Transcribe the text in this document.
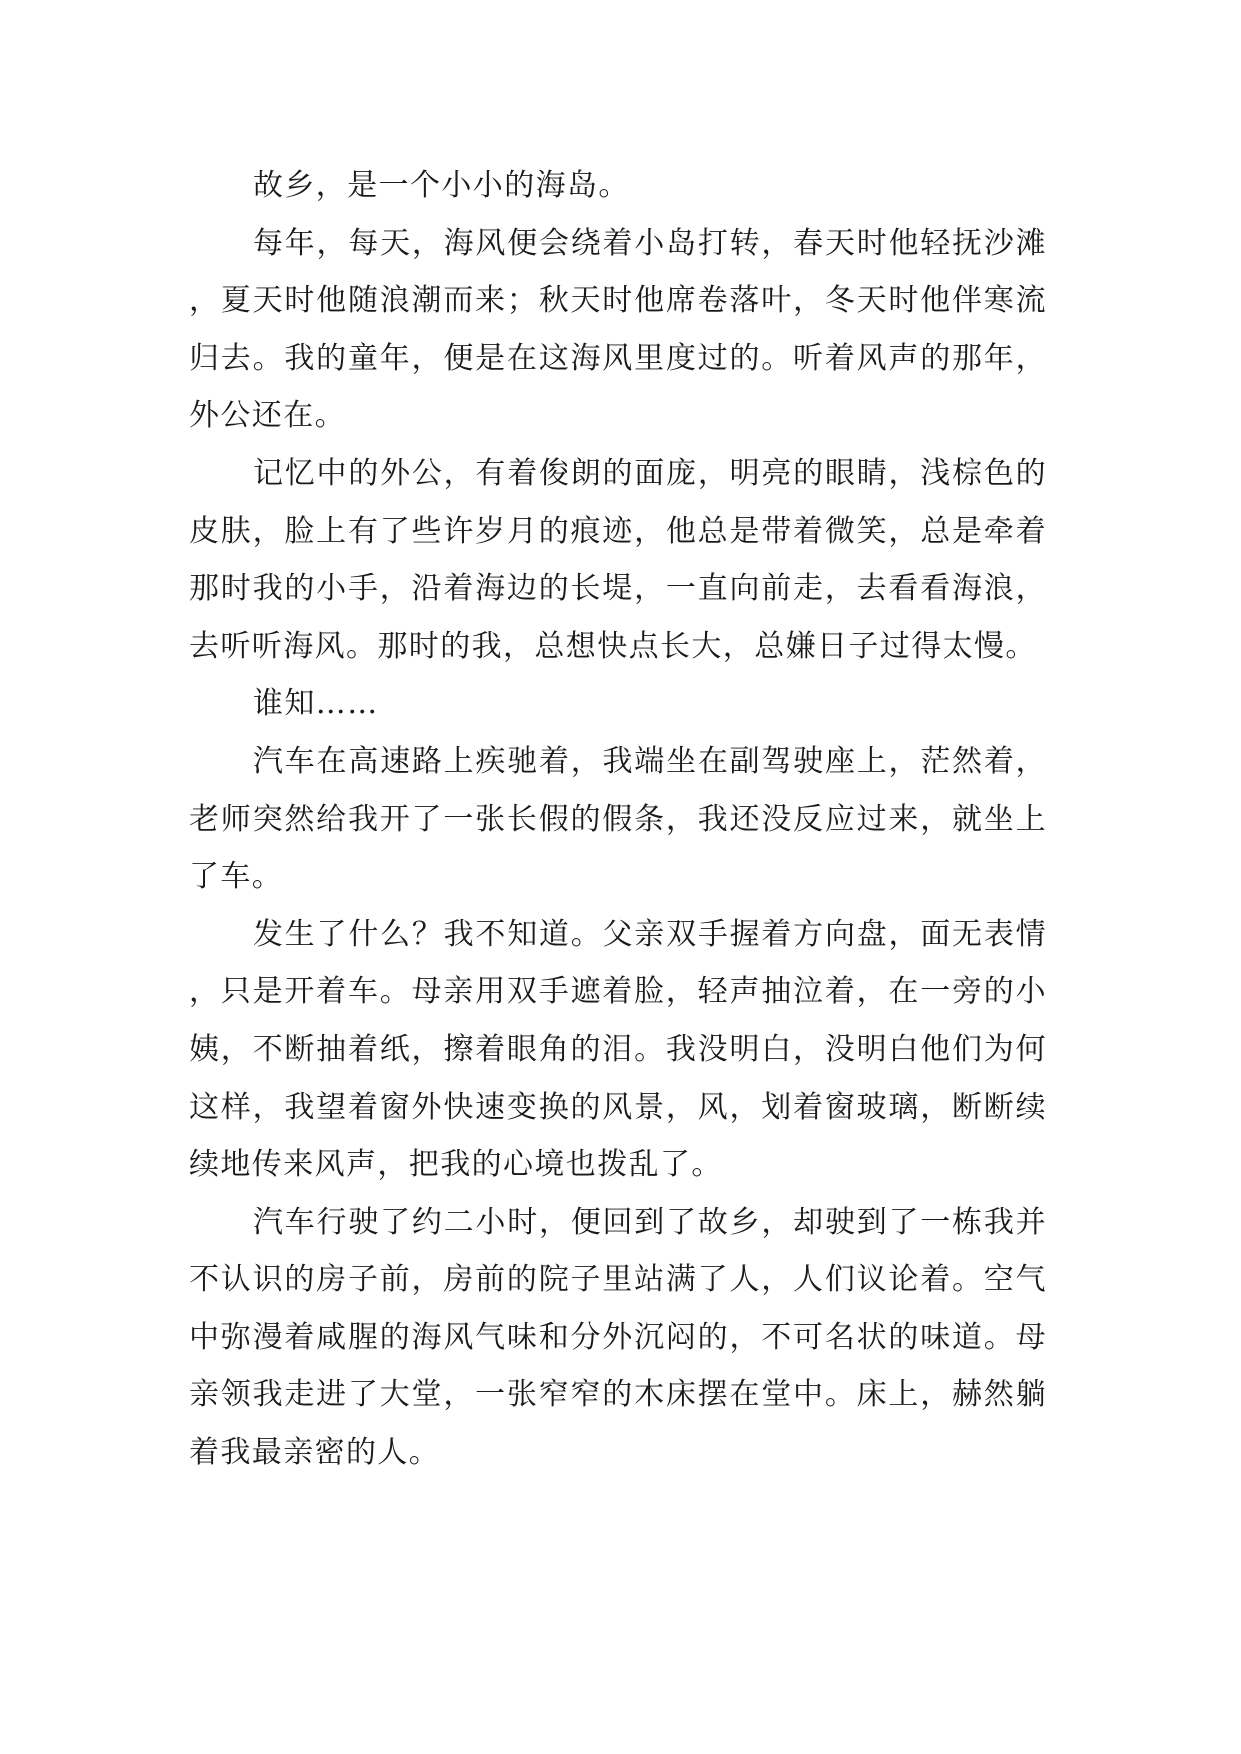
故乡，是一个小小的海岛。

每年，每天，海风便会绕着小岛打转，春天时他轻抚沙滩，夏天时他随浪潮而来；秋天时他席卷落叶，冬天时他伴寒流归去。我的童年，便是在这海风里度过的。听着风声的那年，外公还在。

记忆中的外公，有着俊朗的面庞，明亮的眼睛，浅棕色的皮肤，脸上有了些许岁月的痕迹，他总是带着微笑，总是牵着那时我的小手，沿着海边的长堤，一直向前走，去看看海浪，去听听海风。那时的我，总想快点长大，总嫌日子过得太慢。

谁知……

汽车在高速路上疾驰着，我端坐在副驾驶座上，茫然着，老师突然给我开了一张长假的假条，我还没反应过来，就坐上了车。

发生了什么？我不知道。父亲双手握着方向盘，面无表情，只是开着车。母亲用双手遮着脸，轻声抽泣着，在一旁的小姨，不断抽着纸，擦着眼角的泪。我没明白，没明白他们为何这样，我望着窗外快速变换的风景，风，划着窗玻璃，断断续续地传来风声，把我的心境也拨乱了。

汽车行驶了约二小时，便回到了故乡，却驶到了一栋我并不认识的房子前，房前的院子里站满了人，人们议论着。空气中弥漫着咸腥的海风气味和分外沉闷的，不可名状的味道。母亲领我走进了大堂，一张窄窄的木床摆在堂中。床上，赫然躺着我最亲密的人。
